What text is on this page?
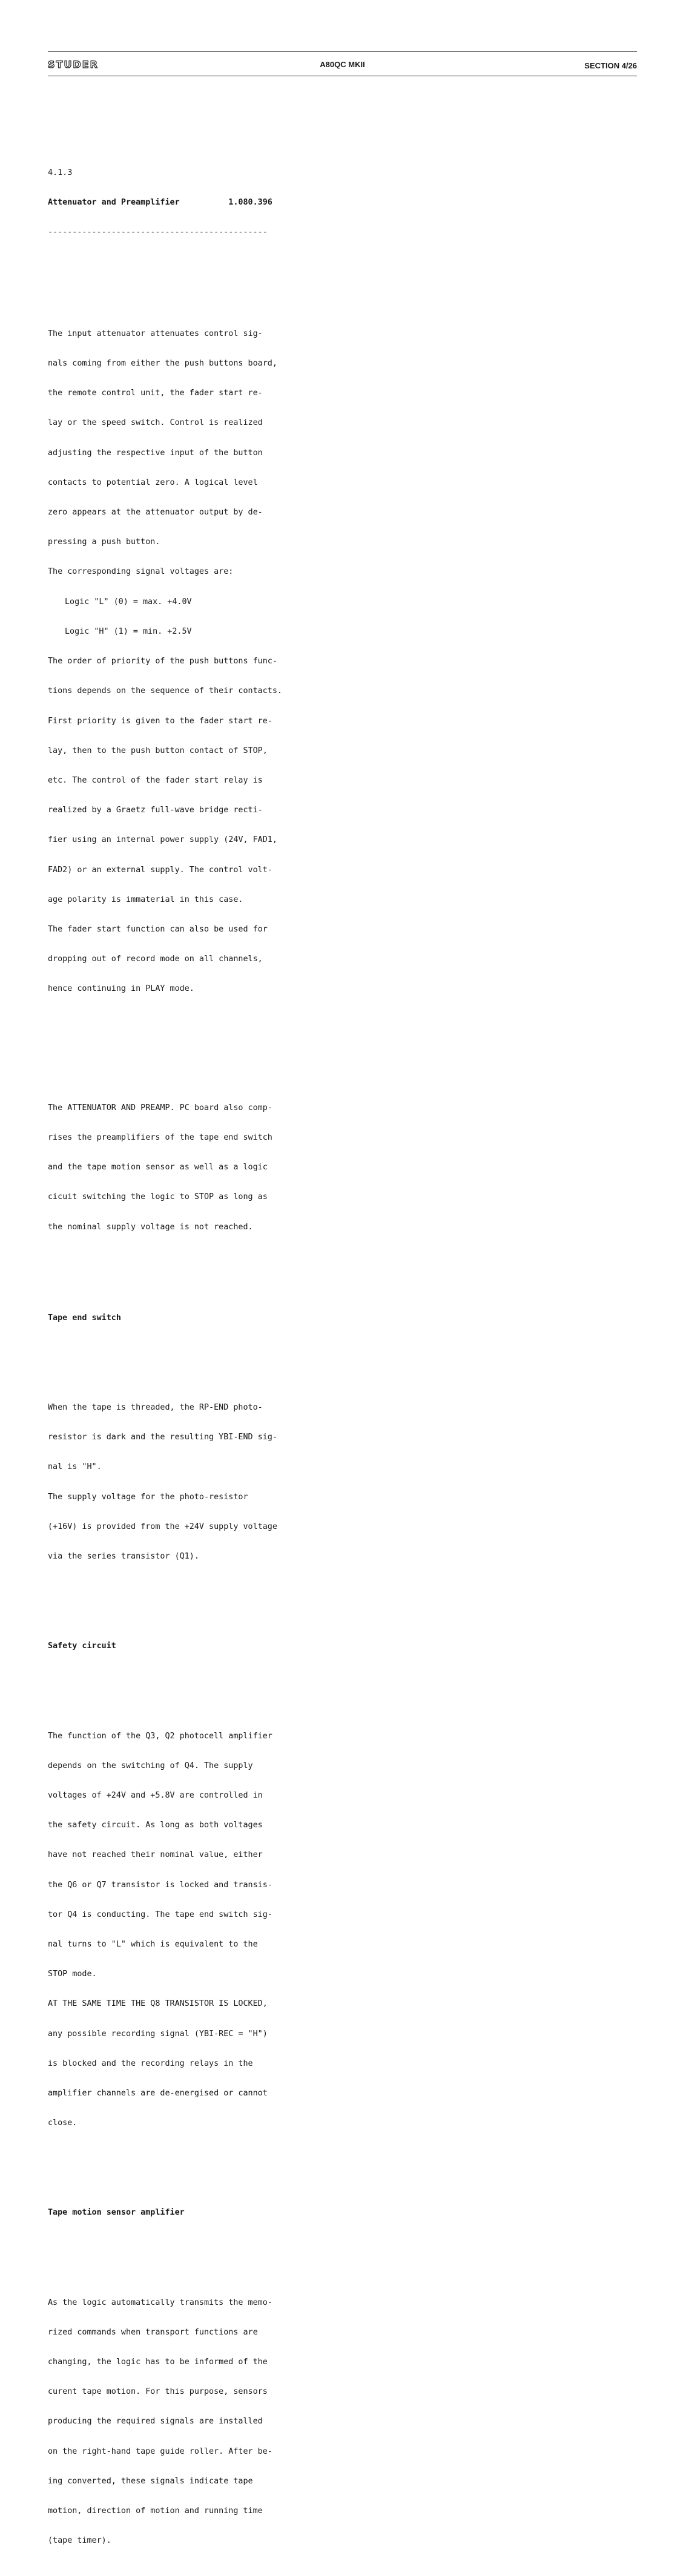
STUDER	A80QC MKII	SECTION 4/26

4.1.3

Attenuator and Preamplifier	1.080.396

---------------------------------------------

The input attenuator attenuates control sig-

nals coming from either the push buttons board,

the remote control unit, the fader start re-

lay or the speed switch. Control is realized

adjusting the respective input of the button

contacts to potential zero. A logical level

zero appears at the attenuator output by de-

pressing a push button.

The corresponding signal voltages are:

Logic "L" (0) = max. +4.0V

Logic "H" (1) = min. +2.5V

The order of priority of the push buttons func-

tions depends on the sequence of their contacts.

First priority is given to the fader start re-

lay, then to the push button contact of STOP,

etc. The control of the fader start relay is

realized by a Graetz full-wave bridge recti-

fier using an internal power supply (24V, FAD1,

FAD2) or an external supply. The control volt-

age polarity is immaterial in this case.

The fader start function can also be used for

dropping out of record mode on all channels,

hence continuing in PLAY mode.

The ATTENUATOR AND PREAMP. PC board also comp-

rises the preamplifiers of the tape end switch

and the tape motion sensor as well as a logic

cicuit switching the logic to STOP as long as

the nominal supply voltage is not reached.

Tape end switch

When the tape is threaded, the RP-END photo-

resistor is dark and the resulting YBI-END sig-

nal is "H".

The supply voltage for the photo-resistor

(+16V) is provided from the +24V supply voltage

via the series transistor (Q1).

Safety circuit

The function of the Q3, Q2 photocell amplifier

depends on the switching of Q4. The supply

voltages of +24V and +5.8V are controlled in

the safety circuit. As long as both voltages

have not reached their nominal value, either

the Q6 or Q7 transistor is locked and transis-

tor Q4 is conducting. The tape end switch sig-

nal turns to "L" which is equivalent to the

STOP mode.

AT THE SAME TIME THE Q8 TRANSISTOR IS LOCKED,

any possible recording signal (YBI-REC = "H")

is blocked and the recording relays in the

amplifier channels are de-energised or cannot

close.

Tape motion sensor amplifier

As the logic automatically transmits the memo-

rized commands when transport functions are

changing, the logic has to be informed of the

curent tape motion. For this purpose, sensors

producing the required signals are installed

on the right-hand tape guide roller. After be-

ing converted, these signals indicate tape

motion, direction of motion and running time

(tape timer).
